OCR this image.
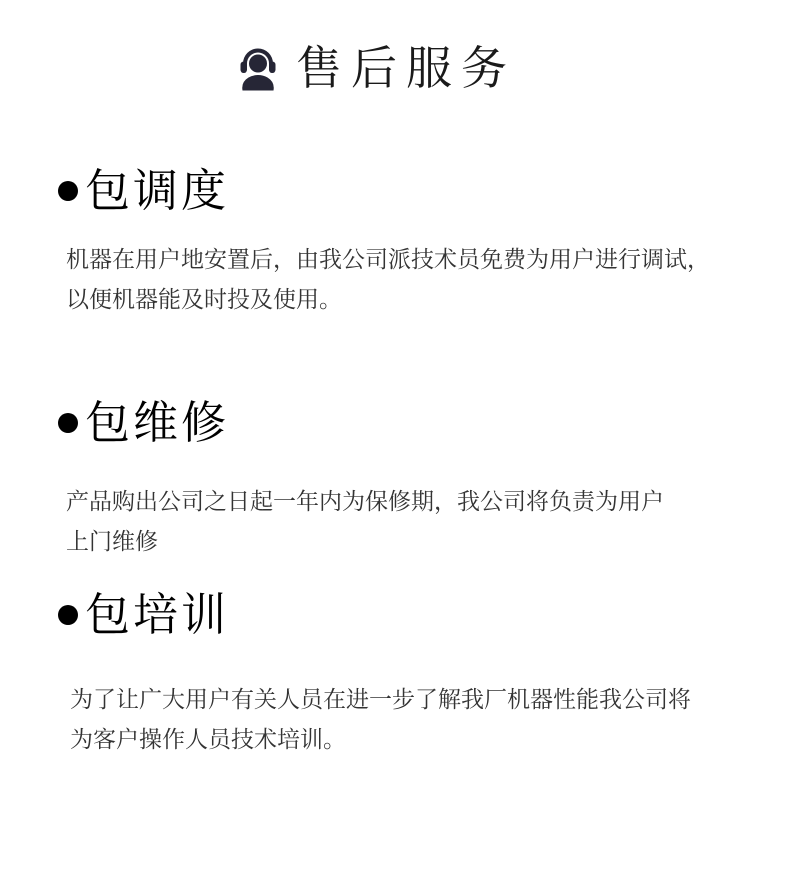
售后服务
包调度
机器在用户地安置后，由我公司派技术员免费为用户进行调试，
以便机器能及时投及使用。
包维修
产品购出公司之日起一年内为保修期，我公司将负责为用户
上门维修
包培训
为了让广大用户有关人员在进一步了解我厂机器性能我公司将
为客户操作人员技术培训。
